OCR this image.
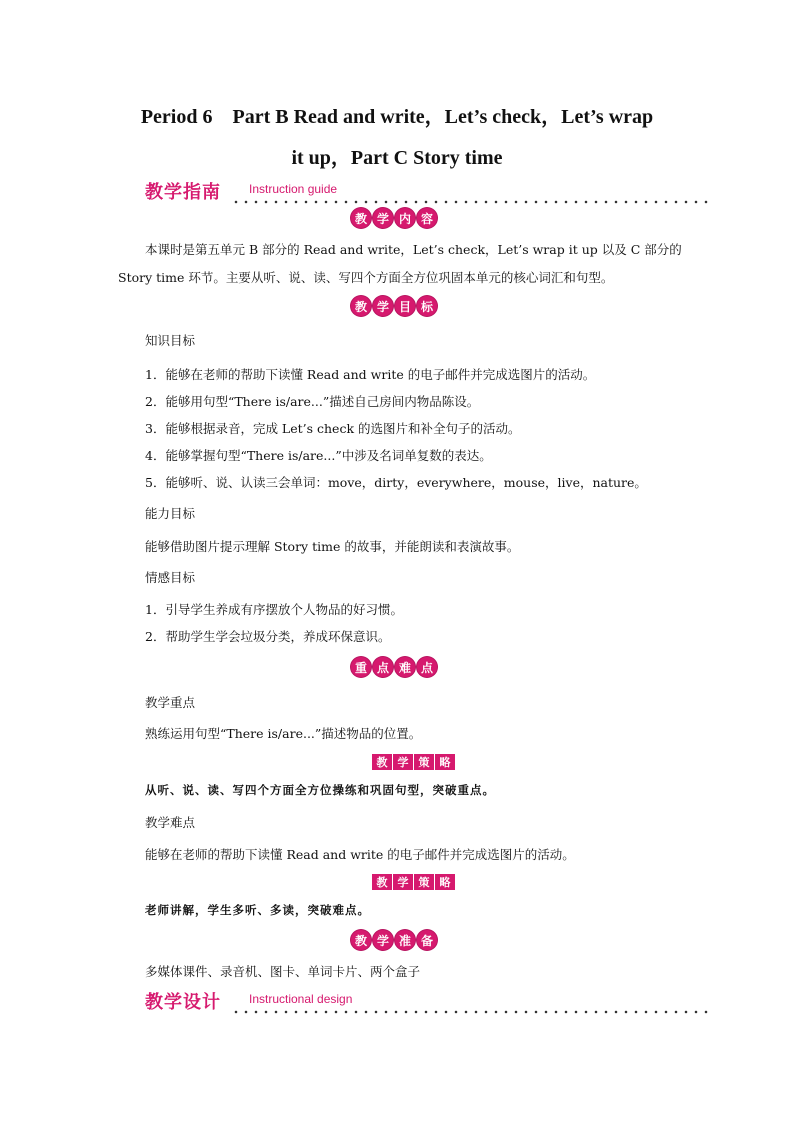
Period 6　Part B Read and write，Let’s check，Let’s wrap
it up，Part C Story time
教学指南 Instruction guide
教 学 内 容
本课时是第五单元 B 部分的 Read and write，Let’s check，Let’s wrap it up 以及 C 部分的
Story time 环节。主要从听、说、读、写四个方面全方位巩固本单元的核心词汇和句型。
教 学 目 标
知识目标
1．能够在老师的帮助下读懂 Read and write 的电子邮件并完成选图片的活动。
2．能够用句型“There is/are...”描述自己房间内物品陈设。
3．能够根据录音，完成 Let’s check 的选图片和补全句子的活动。
4．能够掌握句型“There is/are...”中涉及名词单复数的表达。
5．能够听、说、认读三会单词：move，dirty，everywhere，mouse，live，nature。
能力目标
能够借助图片提示理解 Story time 的故事，并能朗读和表演故事。
情感目标
1．引导学生养成有序摆放个人物品的好习惯。
2．帮助学生学会垃圾分类，养成环保意识。
重 点 难 点
教学重点
熟练运用句型“There is/are...”描述物品的位置。
教 学 策 略
从听、说、读、写四个方面全方位操练和巩固句型，突破重点。
教学难点
能够在老师的帮助下读懂 Read and write 的电子邮件并完成选图片的活动。
教 学 策 略
老师讲解，学生多听、多读，突破难点。
教 学 准 备
多媒体课件、录音机、图卡、单词卡片、两个盒子
教学设计 Instructional design
